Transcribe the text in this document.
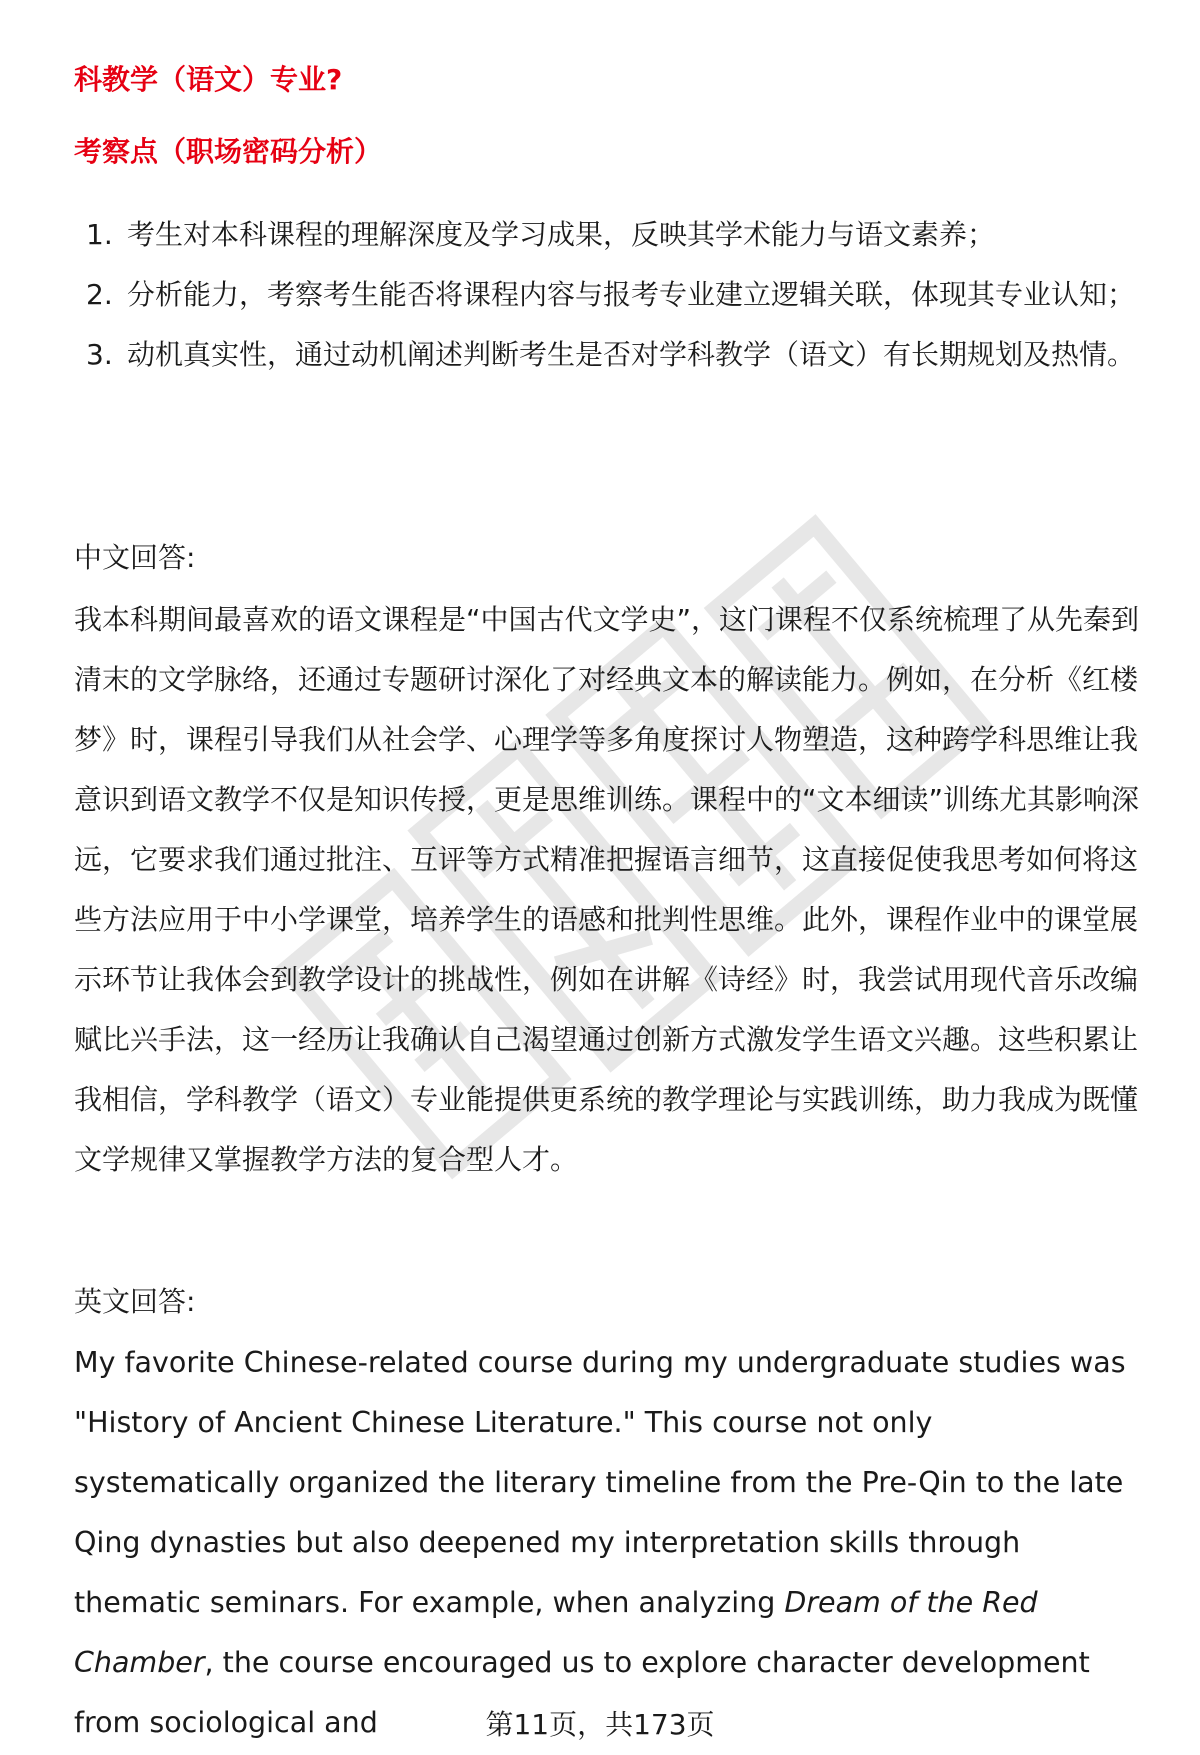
科教学（语文）专业?
考察点（职场密码分析）
1. 考生对本科课程的理解深度及学习成果，反映其学术能力与语文素养；
2. 分析能力，考察考生能否将课程内容与报考专业建立逻辑关联，体现其专业认知；
3. 动机真实性，通过动机阐述判断考生是否对学科教学（语文）有长期规划及热情。

中文回答:

我本科期间最喜欢的语文课程是“中国古代文学史”，这门课程不仅系统梳理了从先秦到清末的文学脉络，还通过专题研讨深化了对经典文本的解读能力。例如，在分析《红楼梦》时，课程引导我们从社会学、心理学等多角度探讨人物塑造，这种跨学科思维让我意识到语文教学不仅是知识传授，更是思维训练。课程中的“文本细读”训练尤其影响深远，它要求我们通过批注、互评等方式精准把握语言细节，这直接促使我思考如何将这些方法应用于中小学课堂，培养学生的语感和批判性思维。此外，课程作业中的课堂展示环节让我体会到教学设计的挑战性，例如在讲解《诗经》时，我尝试用现代音乐改编赋比兴手法，这一经历让我确认自己渴望通过创新方式激发学生语文兴趣。这些积累让我相信，学科教学（语文）专业能提供更系统的教学理论与实践训练，助力我成为既懂文学规律又掌握教学方法的复合型人才。

英文回答:

My favorite Chinese-related course during my undergraduate studies was "History of Ancient Chinese Literature." This course not only systematically organized the literary timeline from the Pre-Qin to the late Qing dynasties but also deepened my interpretation skills through thematic seminars. For example, when analyzing Dream of the Red Chamber, the course encouraged us to explore character development from sociological and	第11页，共173页
